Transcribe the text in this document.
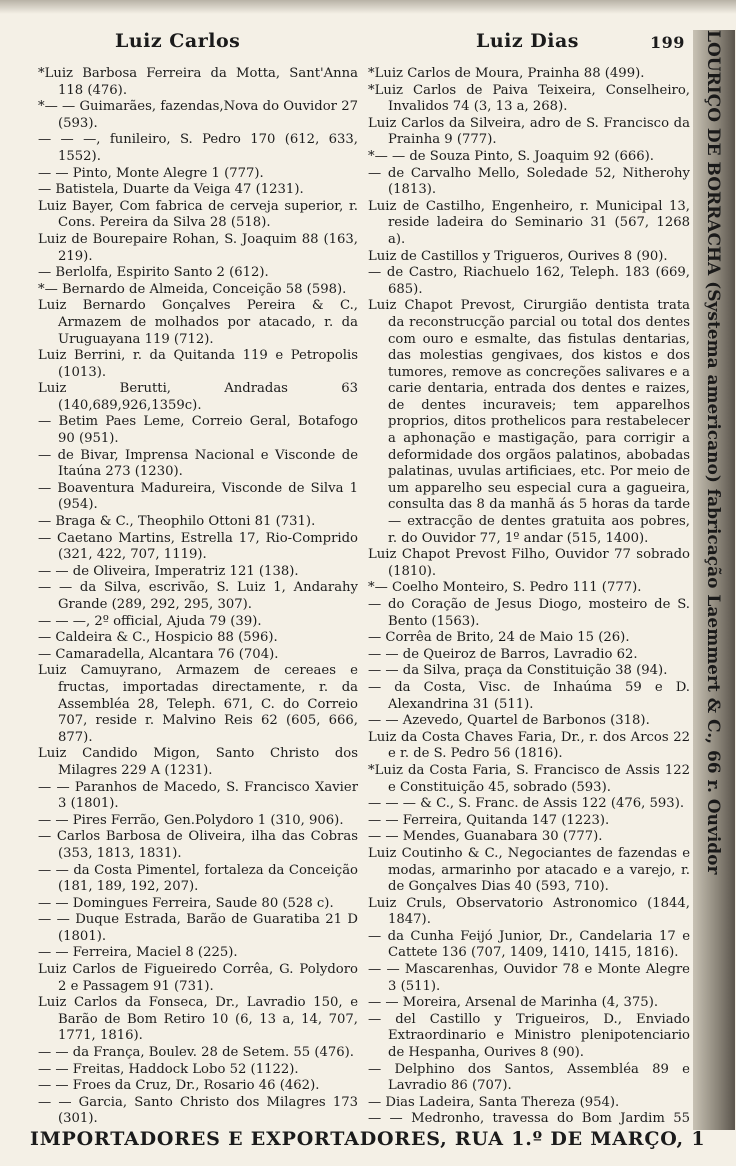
Luiz Carlos	Luiz Dias	199

*Luiz Barbosa Ferreira da Motta, Sant'Anna 118 (476).

*— — Guimarães, fazendas,Nova do Ouvidor 27 (593).

— — —, funileiro, S. Pedro 170 (612, 633, 1552).

— — Pinto, Monte Alegre 1 (777).

— Batistela, Duarte da Veiga 47 (1231).

Luiz Bayer, Com fabrica de cerveja superior, r. Cons. Pereira da Silva 28 (518).

Luiz de Bourepaire Rohan, S. Joaquim 88 (163, 219).

— Berlolfa, Espirito Santo 2 (612).

*— Bernardo de Almeida, Conceição 58 (598).

Luiz Bernardo Gonçalves Pereira & C., Armazem de molhados por atacado, r. da Uruguayana 119 (712).

Luiz Berrini, r. da Quitanda 119 e Petropolis (1013).

Luiz Berutti, Andradas 63 (140,689,926,1359c).

— Betim Paes Leme, Correio Geral, Botafogo 90 (951).

— de Bivar, Imprensa Nacional e Visconde de Itaúna 273 (1230).

— Boaventura Madureira, Visconde de Silva 1 (954).

— Braga & C., Theophilo Ottoni 81 (731).

— Caetano Martins, Estrella 17, Rio-Comprido (321, 422, 707, 1119).

— — de Oliveira, Imperatriz 121 (138).

— — da Silva, escrivão, S. Luiz 1, Andarahy Grande (289, 292, 295, 307).

— — —, 2º official, Ajuda 79 (39).

— Caldeira & C., Hospicio 88 (596).

— Camaradella, Alcantara 76 (704).

Luiz Camuyrano, Armazem de cereaes e fructas, importadas directamente, r. da Assembléa 28, Teleph. 671, C. do Correio 707, reside r. Malvino Reis 62 (605, 666, 877).

Luiz Candido Migon, Santo Christo dos Milagres 229 A (1231).

— — Paranhos de Macedo, S. Francisco Xavier 3 (1801).

— — Pires Ferrão, Gen.Polydoro 1 (310, 906).

— Carlos Barbosa de Oliveira, ilha das Cobras (353, 1813, 1831).

— — da Costa Pimentel, fortaleza da Conceição (181, 189, 192, 207).

— — Domingues Ferreira, Saude 80 (528 c).

— — Duque Estrada, Barão de Guaratiba 21 D (1801).

— — Ferreira, Maciel 8 (225).

Luiz Carlos de Figueiredo Corrêa, G. Polydoro 2 e Passagem 91 (731).

Luiz Carlos da Fonseca, Dr., Lavradio 150, e Barão de Bom Retiro 10 (6, 13 a, 14, 707, 1771, 1816).

— — da França, Boulev. 28 de Setem. 55 (476).

— — Freitas, Haddock Lobo 52 (1122).

— — Froes da Cruz, Dr., Rosario 46 (462).

— — Garcia, Santo Christo dos Milagres 173 (301).

*Luiz Carlos de Moura, Prainha 88 (499).

*Luiz Carlos de Paiva Teixeira, Conselheiro, Invalidos 74 (3, 13 a, 268).

Luiz Carlos da Silveira, adro de S. Francisco da Prainha 9 (777).

*— — de Souza Pinto, S. Joaquim 92 (666).

— de Carvalho Mello, Soledade 52, Nitherohy (1813).

Luiz de Castilho, Engenheiro, r. Municipal 13, reside ladeira do Seminario 31 (567, 1268 a).

Luiz de Castillos y Trigueros, Ourives 8 (90).

— de Castro, Riachuelo 162, Teleph. 183 (669, 685).

Luiz Chapot Prevost, Cirurgião dentista trata da reconstrucção parcial ou total dos dentes com ouro e esmalte, das fistulas dentarias, das molestias gengivaes, dos kistos e dos tumores, remove as concreções salivares e a carie dentaria, entrada dos dentes e raizes, de dentes incuraveis; tem apparelhos proprios, ditos prothelicos para restabelecer a aphonação e mastigação, para corrigir a deformidade dos orgãos palatinos, abobadas palatinas, uvulas artificiaes, etc. Por meio de um apparelho seu especial cura a gagueira, consulta das 8 da manhã ás 5 horas da tarde — extracção de dentes gratuita aos pobres, r. do Ouvidor 77, 1º andar (515, 1400).

Luiz Chapot Prevost Filho, Ouvidor 77 sobrado (1810).

*— Coelho Monteiro, S. Pedro 111 (777).

— do Coração de Jesus Diogo, mosteiro de S. Bento (1563).

— Corrêa de Brito, 24 de Maio 15 (26).

— — de Queiroz de Barros, Lavradio 62.

— — da Silva, praça da Constituição 38 (94).

— da Costa, Visc. de Inhaúma 59 e D. Alexandrina 31 (511).

— — Azevedo, Quartel de Barbonos (318).

Luiz da Costa Chaves Faria, Dr., r. dos Arcos 22 e r. de S. Pedro 56 (1816).

*Luiz da Costa Faria, S. Francisco de Assis 122 e Constituição 45, sobrado (593).

— — — & C., S. Franc. de Assis 122 (476, 593).

— — Ferreira, Quitanda 147 (1223).

— — Mendes, Guanabara 30 (777).

Luiz Coutinho & C., Negociantes de fazendas e modas, armarinho por atacado e a varejo, r. de Gonçalves Dias 40 (593, 710).

Luiz Cruls, Observatorio Astronomico (1844, 1847).

— da Cunha Feijó Junior, Dr., Candelaria 17 e Cattete 136 (707, 1409, 1410, 1415, 1816).

— — Mascarenhas, Ouvidor 78 e Monte Alegre 3 (511).

— — Moreira, Arsenal de Marinha (4, 375).

— del Castillo y Trigueiros, D., Enviado Extraordinario e Ministro plenipotenciario de Hespanha, Ourives 8 (90).

— Delphino dos Santos, Assembléa 89 e Lavradio 86 (707).

— Dias Ladeira, Santa Thereza (954).

— — Medronho, travessa do Bom Jardim 55

LOURIÇO DE BORRACHA (Systema americano) fabricação Laemmert & C., 66 r. Ouvidor
IMPORTADORES E EXPORTADORES, RUA 1.º DE MARÇO, 1
